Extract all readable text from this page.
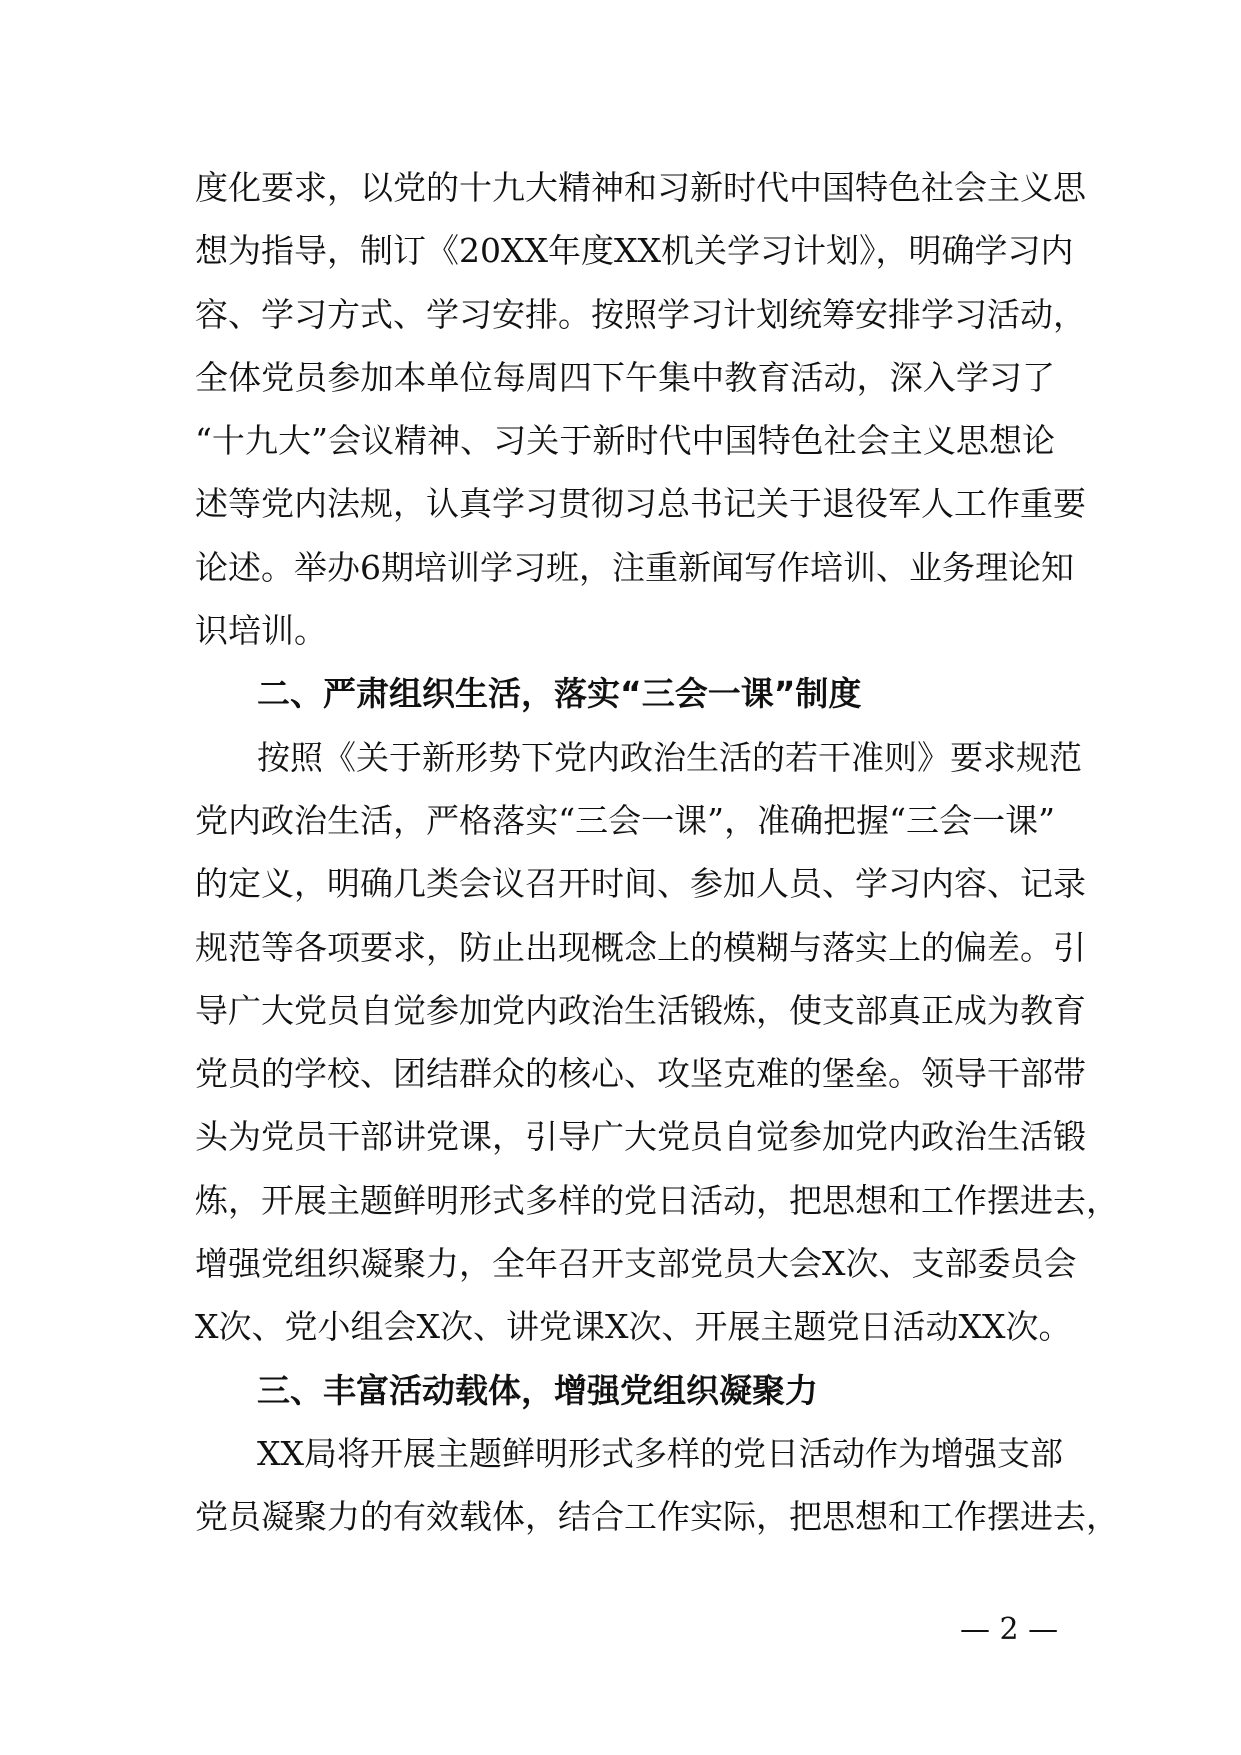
度化要求，以党的十九大精神和习新时代中国特色社会主义思
想为指导，制订《20XX年度XX机关学习计划》，明确学习内
容、学习方式、学习安排。按照学习计划统筹安排学习活动，
全体党员参加本单位每周四下午集中教育活动，深入学习了
“十九大”会议精神、习关于新时代中国特色社会主义思想论
述等党内法规，认真学习贯彻习总书记关于退役军人工作重要
论述。举办6期培训学习班，注重新闻写作培训、业务理论知
识培训。
二、严肃组织生活，落实“三会一课”制度
按照《关于新形势下党内政治生活的若干准则》要求规范
党内政治生活，严格落实“三会一课”，准确把握“三会一课”
的定义，明确几类会议召开时间、参加人员、学习内容、记录
规范等各项要求，防止出现概念上的模糊与落实上的偏差。引
导广大党员自觉参加党内政治生活锻炼，使支部真正成为教育
党员的学校、团结群众的核心、攻坚克难的堡垒。领导干部带
头为党员干部讲党课，引导广大党员自觉参加党内政治生活锻
炼，开展主题鲜明形式多样的党日活动，把思想和工作摆进去，
增强党组织凝聚力，全年召开支部党员大会X次、支部委员会
X次、党小组会X次、讲党课X次、开展主题党日活动XX次。
三、丰富活动载体，增强党组织凝聚力
XX局将开展主题鲜明形式多样的党日活动作为增强支部
党员凝聚力的有效载体，结合工作实际，把思想和工作摆进去，
— 2 —
